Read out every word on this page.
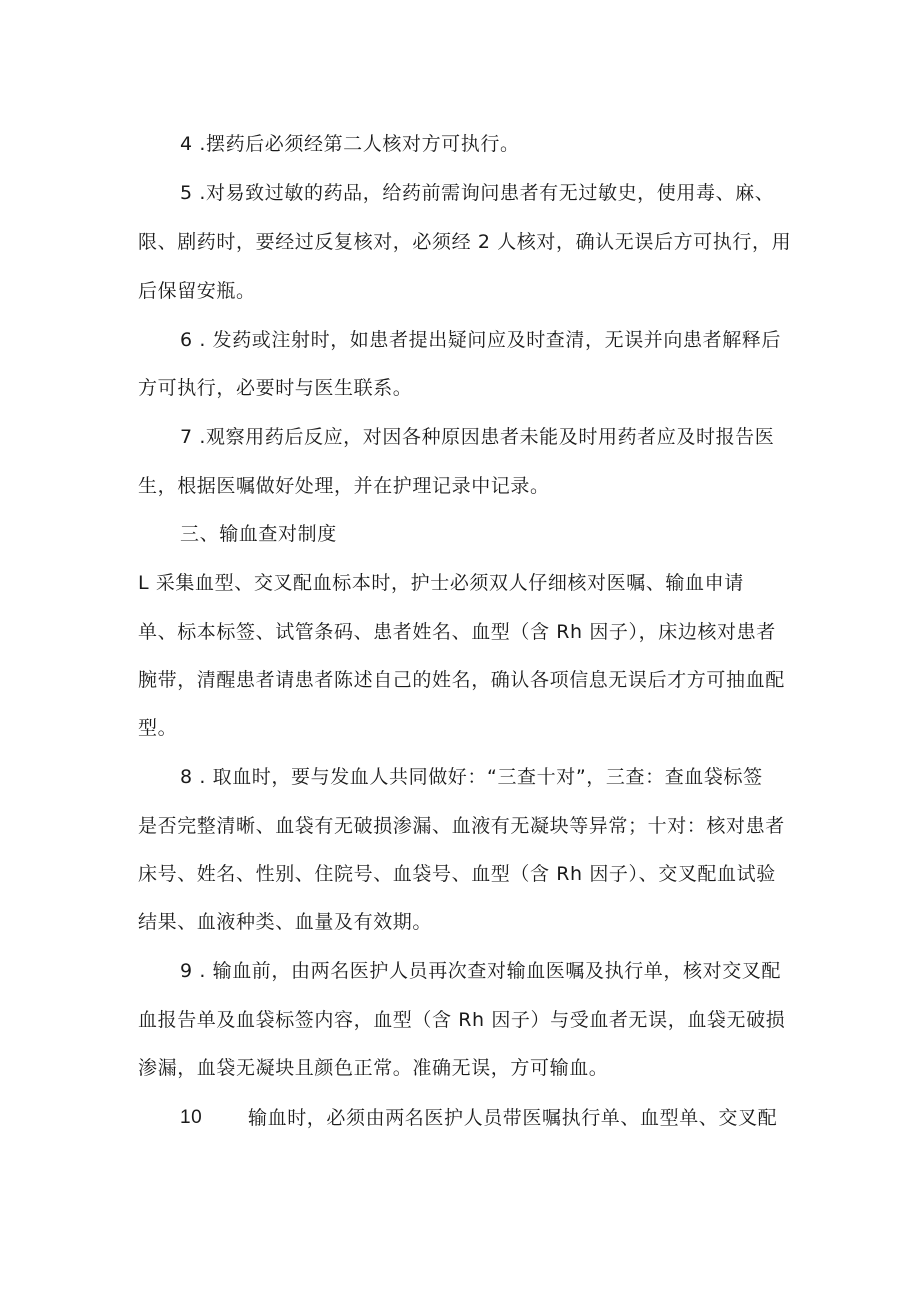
4 .摆药后必须经第二人核对方可执行。
5 .对易致过敏的药品，给药前需询问患者有无过敏史，使用毒、麻、
限、剧药时，要经过反复核对，必须经 2 人核对，确认无误后方可执行，用
后保留安瓶。
6 . 发药或注射时，如患者提出疑问应及时查清，无误并向患者解释后
方可执行，必要时与医生联系。
7 .观察用药后反应，对因各种原因患者未能及时用药者应及时报告医
生，根据医嘱做好处理，并在护理记录中记录。
三、输血查对制度
L 采集血型、交叉配血标本时，护士必须双人仔细核对医嘱、输血申请
单、标本标签、试管条码、患者姓名、血型（含 Rh 因子），床边核对患者
腕带，清醒患者请患者陈述自己的姓名，确认各项信息无误后才方可抽血配
型。
8 . 取血时，要与发血人共同做好：“三查十对”，三查：查血袋标签
是否完整清晰、血袋有无破损渗漏、血液有无凝块等异常；十对：核对患者
床号、姓名、性别、住院号、血袋号、血型（含 Rh 因子）、交叉配血试验
结果、血液种类、血量及有效期。
9 . 输血前，由两名医护人员再次查对输血医嘱及执行单，核对交叉配
血报告单及血袋标签内容，血型（含 Rh 因子）与受血者无误，血袋无破损
渗漏，血袋无凝块且颜色正常。准确无误，方可输血。
10 输血时，必须由两名医护人员带医嘱执行单、血型单、交叉配
